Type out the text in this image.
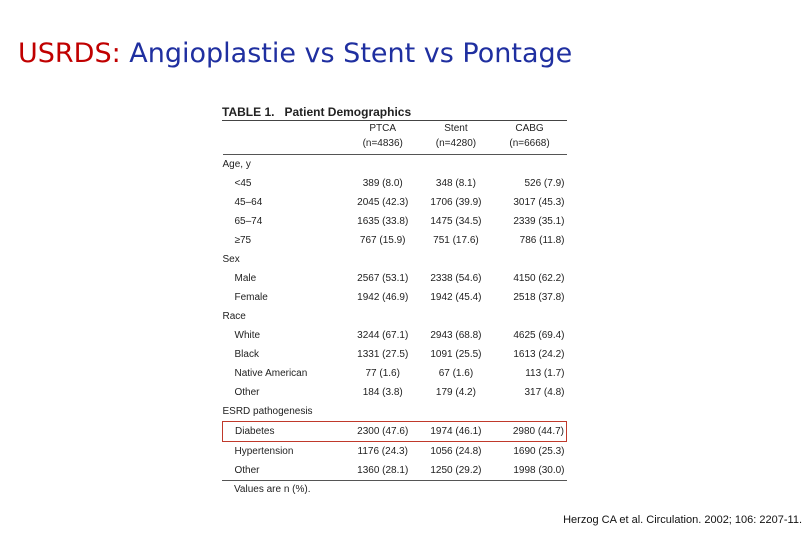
USRDS: Angioplastie vs Stent vs Pontage
TABLE 1. Patient Demographics
	PTCA	Stent	CABG
	(n=4836)	(n=4280)	(n=6668)

Age, y			
<45	389 (8.0)	348 (8.1)	526 (7.9)
45–64	2045 (42.3)	1706 (39.9)	3017 (45.3)
65–74	1635 (33.8)	1475 (34.5)	2339 (35.1)
≥75	767 (15.9)	751 (17.6)	786 (11.8)
Sex			
Male	2567 (53.1)	2338 (54.6)	4150 (62.2)
Female	1942 (46.9)	1942 (45.4)	2518 (37.8)
Race			
White	3244 (67.1)	2943 (68.8)	4625 (69.4)
Black	1331 (27.5)	1091 (25.5)	1613 (24.2)
Native American	77 (1.6)	67 (1.6)	113 (1.7)
Other	184 (3.8)	179 (4.2)	317 (4.8)
ESRD pathogenesis			
Diabetes	2300 (47.6)	1974 (46.1)	2980 (44.7)
Hypertension	1176 (24.3)	1056 (24.8)	1690 (25.3)
Other	1360 (28.1)	1250 (29.2)	1998 (30.0)
Values are n (%).
Herzog CA et al. Circulation. 2002; 106: 2207-11.
